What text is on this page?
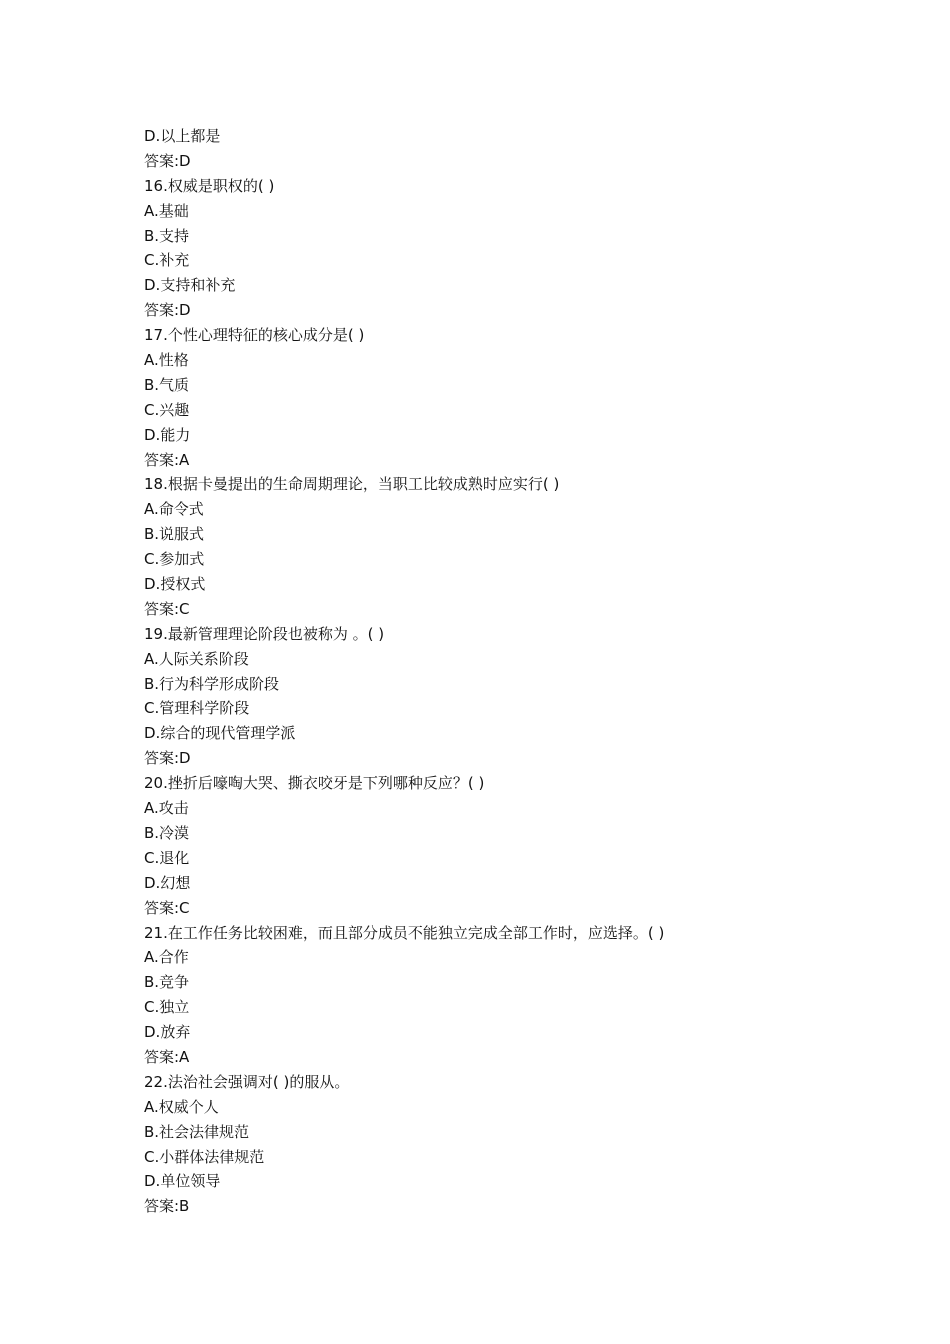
D.以上都是
答案:D
16.权威是职权的( )
A.基础
B.支持
C.补充
D.支持和补充
答案:D
17.个性心理特征的核心成分是( )
A.性格
B.气质
C.兴趣
D.能力
答案:A
18.根据卡曼提出的生命周期理论，当职工比较成熟时应实行( )
A.命令式
B.说服式
C.参加式
D.授权式
答案:C
19.最新管理理论阶段也被称为 。( )
A.人际关系阶段
B.行为科学形成阶段
C.管理科学阶段
D.综合的现代管理学派
答案:D
20.挫折后嚎啕大哭、撕衣咬牙是下列哪种反应？( )
A.攻击
B.冷漠
C.退化
D.幻想
答案:C
21.在工作任务比较困难，而且部分成员不能独立完成全部工作时，应选择。( )
A.合作
B.竞争
C.独立
D.放弃
答案:A
22.法治社会强调对( )的服从。
A.权威个人
B.社会法律规范
C.小群体法律规范
D.单位领导
答案:B
